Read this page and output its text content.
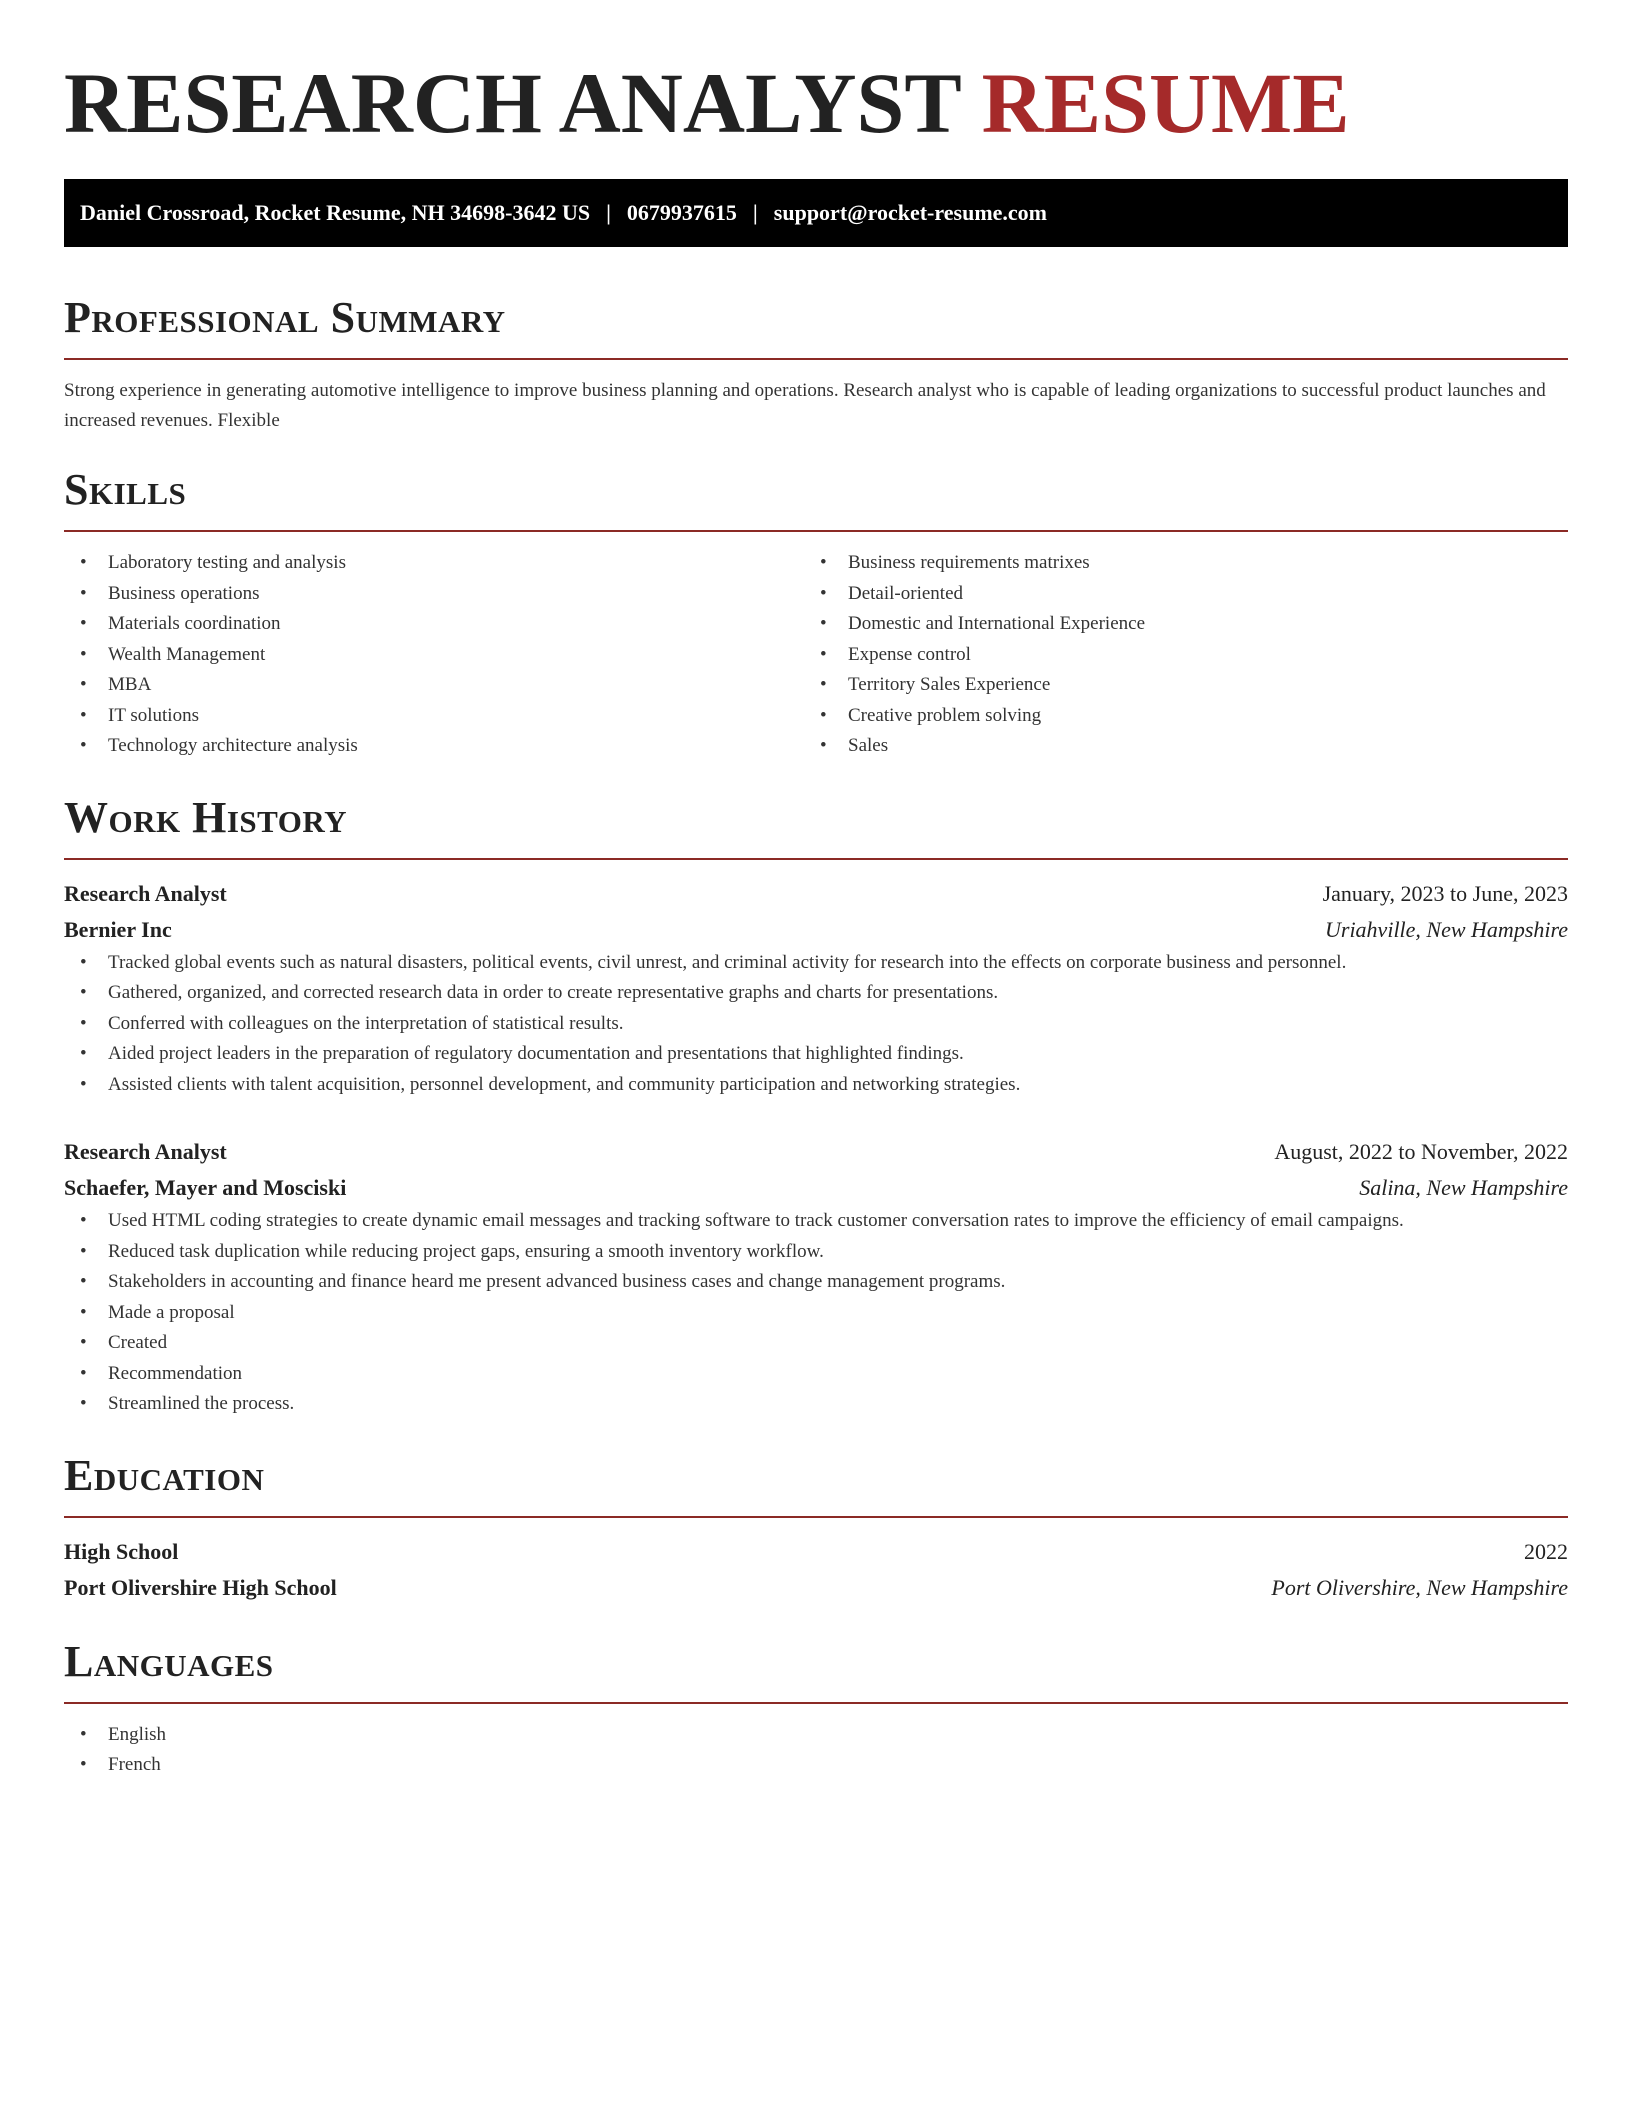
RESEARCH ANALYST RESUME
Daniel Crossroad, Rocket Resume, NH 34698-3642 US | 0679937615 | support@rocket-resume.com
Professional Summary
Strong experience in generating automotive intelligence to improve business planning and operations. Research analyst who is capable of leading organizations to successful product launches and increased revenues. Flexible
Skills
• Laboratory testing and analysis
• Business operations
• Materials coordination
• Wealth Management
• MBA
• IT solutions
• Technology architecture analysis
• Business requirements matrixes
• Detail-oriented
• Domestic and International Experience
• Expense control
• Territory Sales Experience
• Creative problem solving
• Sales
Work History
Research Analyst	January, 2023 to June, 2023
Bernier Inc	Uriahville, New Hampshire
• Tracked global events such as natural disasters, political events, civil unrest, and criminal activity for research into the effects on corporate business and personnel.
• Gathered, organized, and corrected research data in order to create representative graphs and charts for presentations.
• Conferred with colleagues on the interpretation of statistical results.
• Aided project leaders in the preparation of regulatory documentation and presentations that highlighted findings.
• Assisted clients with talent acquisition, personnel development, and community participation and networking strategies.
Research Analyst	August, 2022 to November, 2022
Schaefer, Mayer and Mosciski	Salina, New Hampshire
• Used HTML coding strategies to create dynamic email messages and tracking software to track customer conversation rates to improve the efficiency of email campaigns.
• Reduced task duplication while reducing project gaps, ensuring a smooth inventory workflow.
• Stakeholders in accounting and finance heard me present advanced business cases and change management programs.
• Made a proposal
• Created
• Recommendation
• Streamlined the process.
Education
High School	2022
Port Olivershire High School	Port Olivershire, New Hampshire
Languages
• English
• French
